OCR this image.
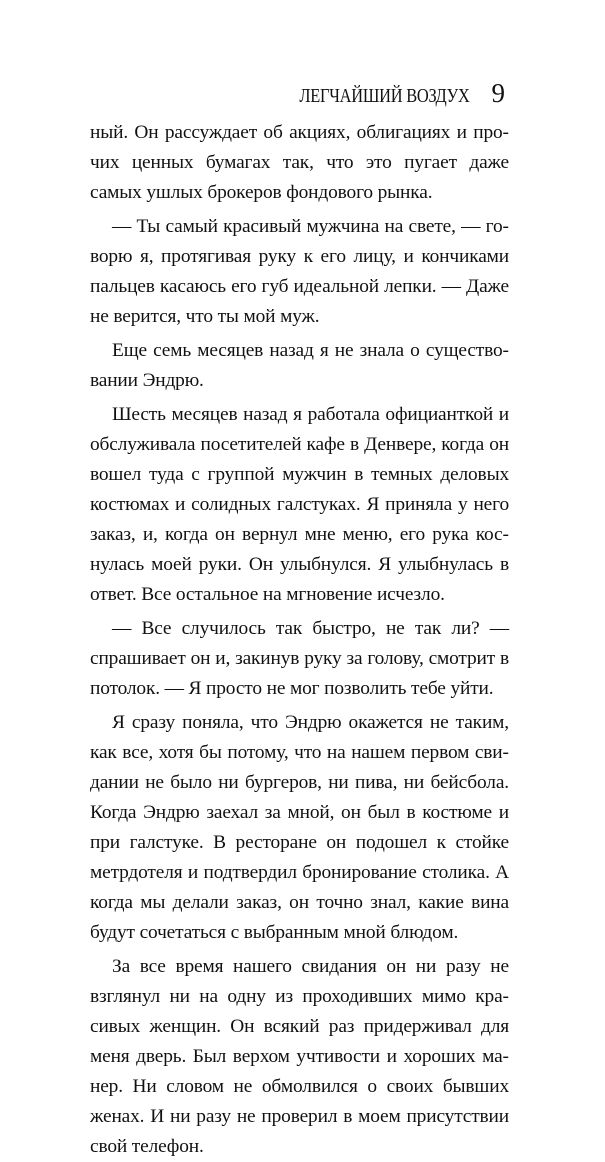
ЛЕГЧАЙШИЙ ВОЗДУХ 9

ный. Он рассуждает об акциях, облигациях и прочих ценных бумагах так, что это пугает даже самых ушлых брокеров фондового рынка.

— Ты самый красивый мужчина на свете, — говорю я, протягивая руку к его лицу, и кончиками пальцев касаюсь его губ идеальной лепки. — Даже не верится, что ты мой муж.

Еще семь месяцев назад я не знала о существовании Эндрю.

Шесть месяцев назад я работала официанткой и обслуживала посетителей кафе в Денвере, когда он вошел туда с группой мужчин в темных деловых костюмах и солидных галстуках. Я приняла у него заказ, и, когда он вернул мне меню, его рука коснулась моей руки. Он улыбнулся. Я улыбнулась в ответ. Все остальное на мгновение исчезло.

— Все случилось так быстро, не так ли? — спрашивает он и, закинув руку за голову, смотрит в потолок. — Я просто не мог позволить тебе уйти.

Я сразу поняла, что Эндрю окажется не таким, как все, хотя бы потому, что на нашем первом свидании не было ни бургеров, ни пива, ни бейсбола. Когда Эндрю заехал за мной, он был в костюме и при галстуке. В ресторане он подошел к стойке метрдотеля и подтвердил бронирование столика. А когда мы делали заказ, он точно знал, какие вина будут сочетаться с выбранным мной блюдом.

За все время нашего свидания он ни разу не взглянул ни на одну из проходивших мимо красивых женщин. Он всякий раз придерживал для меня дверь. Был верхом учтивости и хороших манер. Ни словом не обмолвился о своих бывших женах. И ни разу не проверил в моем присутствии свой телефон.
